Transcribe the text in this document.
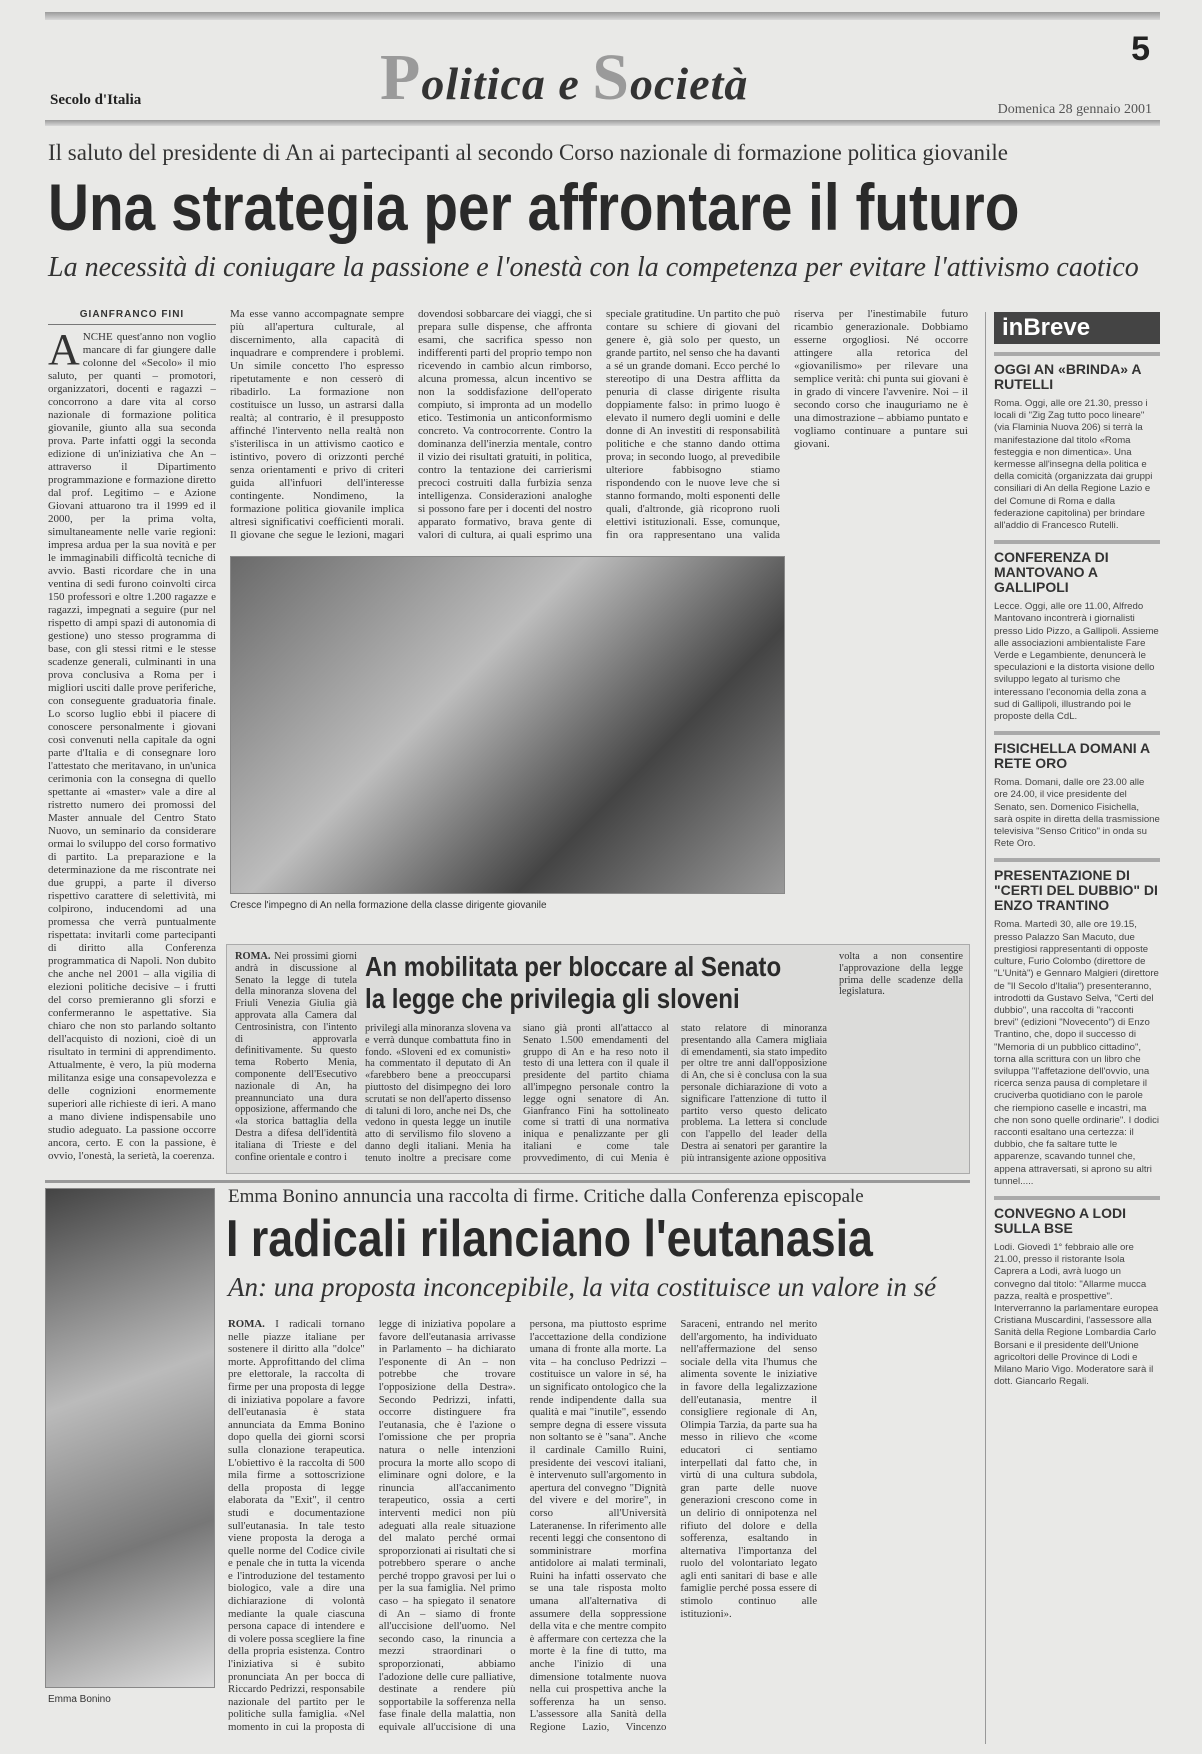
Politica e Società
5
Secolo d'Italia
Domenica 28 gennaio 2001
Il saluto del presidente di An ai partecipanti al secondo Corso nazionale di formazione politica giovanile
Una strategia per affrontare il futuro
La necessità di coniugare la passione e l'onestà con la competenza per evitare l'attivismo caotico
GIANFRANCO FINI
A NCHE quest'anno non voglio mancare di far giungere dalle colonne del «Secolo» il mio saluto, per quanti – promotori, organizzatori, docenti e ragazzi – concorrono a dare vita al corso nazionale di formazione politica giovanile, giunto alla sua seconda prova. Parte infatti oggi la seconda edizione di un'iniziativa che An – attraverso il Dipartimento programmazione e formazione diretto dal prof. Legitimo – e Azione Giovani attuarono tra il 1999 ed il 2000, per la prima volta, simultaneamente nelle varie regioni: impresa ardua per la sua novità e per le immaginabili difficoltà tecniche di avvio. Basti ricordare che in una ventina di sedi furono coinvolti circa 150 professori e oltre 1.200 ragazze e ragazzi, impegnati a seguire (pur nel rispetto di ampi spazi di autonomia di gestione) uno stesso programma di base, con gli stessi ritmi e le stesse scadenze generali, culminanti in una prova conclusiva a Roma per i migliori usciti dalle prove periferiche, con conseguente graduatoria finale. Lo scorso luglio ebbi il piacere di conoscere personalmente i giovani così convenuti nella capitale da ogni parte d'Italia e di consegnare loro l'attestato che meritavano, in un'unica cerimonia con la consegna di quello spettante ai «master» vale a dire al ristretto numero dei promossi del Master annuale del Centro Stato Nuovo, un seminario da considerare ormai lo sviluppo del corso formativo di partito. La preparazione e la determinazione da me riscontrate nei due gruppi, a parte il diverso rispettivo carattere di selettività, mi colpirono, inducendomi ad una promessa che verrà puntualmente rispettata: invitarli come partecipanti di diritto alla Conferenza programmatica di Napoli. Non dubito che anche nel 2001 – alla vigilia di elezioni politiche decisive – i frutti del corso premieranno gli sforzi e confermeranno le aspettative. Sia chiaro che non sto parlando soltanto dell'acquisto di nozioni, cioè di un risultato in termini di apprendimento. Attualmente, è vero, la più moderna militanza esige una consapevolezza e delle cognizioni enormemente superiori alle richieste di ieri. A mano a mano diviene indispensabile uno studio adeguato. La passione occorre ancora, certo. E con la passione, è ovvio, l'onestà, la serietà, la coerenza.
Ma esse vanno accompagnate sempre più all'apertura culturale, al discernimento, alla capacità di inquadrare e comprendere i problemi. Un simile concetto l'ho espresso ripetutamente e non cesserò di ribadirlo. La formazione non costituisce un lusso, un astrarsi dalla realtà; al contrario, è il presupposto affinché l'intervento nella realtà non s'isterilisca in un attivismo caotico e istintivo, povero di orizzonti perché senza orientamenti e privo di criteri guida all'infuori dell'interesse contingente. Nondimeno, la formazione politica giovanile implica altresì significativi coefficienti morali. Il giovane che segue le lezioni, magari dovendosi sobbarcare dei viaggi, che si prepara sulle dispense, che affronta esami, che sacrifica spesso non indifferenti parti del proprio tempo non ricevendo in cambio alcun rimborso, alcuna promessa, alcun incentivo se non la soddisfazione dell'operato compiuto, si impronta ad un modello etico. Testimonia un anticonformismo concreto. Va controcorrente. Contro la dominanza dell'inerzia mentale, contro il vizio dei risultati gratuiti, in politica, contro la tentazione dei carrierismi precoci costruiti dalla furbizia senza intelligenza. Considerazioni analoghe si possono fare per i docenti del nostro apparato formativo, brava gente di valori di cultura, ai quali esprimo una speciale gratitudine. Un partito che può contare su schiere di giovani del genere è, già solo per questo, un grande partito, nel senso che ha davanti a sé un grande domani. Ecco perché lo stereotipo di una Destra afflitta da penuria di classe dirigente risulta doppiamente falso: in primo luogo è elevato il numero degli uomini e delle donne di An investiti di responsabilità politiche e che stanno dando ottima prova; in secondo luogo, al prevedibile ulteriore fabbisogno stiamo rispondendo con le nuove leve che si stanno formando, molti esponenti delle quali, d'altronde, già ricoprono ruoli elettivi istituzionali. Esse, comunque, fin ora rappresentano una valida riserva per l'inestimabile futuro ricambio generazionale. Dobbiamo esserne orgogliosi. Né occorre attingere alla retorica del «giovanilismo» per rilevare una semplice verità: chi punta sui giovani è in grado di vincere l'avvenire. Noi – il secondo corso che inauguriamo ne è una dimostrazione – abbiamo puntato e vogliamo continuare a puntare sui giovani.
Cresce l'impegno di An nella formazione della classe dirigente giovanile
An mobilitata per bloccare al Senato
la legge che privilegia gli sloveni
ROMA. Nei prossimi giorni andrà in discussione al Senato la legge di tutela della minoranza slovena del Friuli Venezia Giulia già approvata alla Camera dal Centrosinistra, con l'intento di approvarla definitivamente. Su questo tema Roberto Menia, componente dell'Esecutivo nazionale di An, ha preannunciato una dura opposizione, affermando che «la storica battaglia della Destra a difesa dell'identità italiana di Trieste e del confine orientale e contro i
privilegi alla minoranza slovena va e verrà dunque combattuta fino in fondo. «Sloveni ed ex comunisti» ha commentato il deputato di An «farebbero bene a preoccuparsi piuttosto del disimpegno dei loro scrutati se non dell'aperto dissenso di taluni di loro, anche nei Ds, che vedono in questa legge un inutile atto di servilismo filo sloveno a danno degli italiani. Menia ha tenuto inoltre a precisare come siano già pronti all'attacco al Senato 1.500 emendamenti del gruppo di An e ha reso noto il testo di una lettera con il quale il presidente del partito chiama all'impegno personale contro la legge ogni senatore di An. Gianfranco Fini ha sottolineato come si tratti di una normativa iniqua e penalizzante per gli italiani e come tale provvedimento, di cui Menia è stato relatore di minoranza presentando alla Camera migliaia di emendamenti, sia stato impedito per oltre tre anni dall'opposizione di An, che si è conclusa con la sua personale dichiarazione di voto a significare l'attenzione di tutto il partito verso questo delicato problema. La lettera si conclude con l'appello del leader della Destra ai senatori per garantire la più intransigente azione oppositiva
volta a non consentire l'approvazione della legge prima delle scadenze della legislatura.
Emma Bonino
Emma Bonino annuncia una raccolta di firme. Critiche dalla Conferenza episcopale
I radicali rilanciano l'eutanasia
An: una proposta inconcepibile, la vita costituisce un valore in sé
ROMA. I radicali tornano nelle piazze italiane per sostenere il diritto alla "dolce" morte. Approfittando del clima pre elettorale, la raccolta di firme per una proposta di legge di iniziativa popolare a favore dell'eutanasia è stata annunciata da Emma Bonino dopo quella dei giorni scorsi sulla clonazione terapeutica. L'obiettivo è la raccolta di 500 mila firme a sottoscrizione della proposta di legge elaborata da "Exit", il centro studi e documentazione sull'eutanasia. In tale testo viene proposta la deroga a quelle norme del Codice civile e penale che in tutta la vicenda e l'introduzione del testamento biologico, vale a dire una dichiarazione di volontà mediante la quale ciascuna persona capace di intendere e di volere possa scegliere la fine della propria esistenza. Contro l'iniziativa si è subito pronunciata An per bocca di Riccardo Pedrizzi, responsabile nazionale del partito per le politiche sulla famiglia. «Nel momento in cui la proposta di legge di iniziativa popolare a favore dell'eutanasia arrivasse in Parlamento – ha dichiarato l'esponente di An – non potrebbe che trovare l'opposizione della Destra». Secondo Pedrizzi, infatti, occorre distinguere fra l'eutanasia, che è l'azione o l'omissione che per propria natura o nelle intenzioni procura la morte allo scopo di eliminare ogni dolore, e la rinuncia all'accanimento terapeutico, ossia a certi interventi medici non più adeguati alla reale situazione del malato perché ormai sproporzionati ai risultati che si potrebbero sperare o anche perché troppo gravosi per lui o per la sua famiglia. Nel primo caso – ha spiegato il senatore di An – siamo di fronte all'uccisione dell'uomo. Nel secondo caso, la rinuncia a mezzi straordinari o sproporzionati, abbiamo l'adozione delle cure palliative, destinate a rendere più sopportabile la sofferenza nella fase finale della malattia, non equivale all'uccisione di una persona, ma piuttosto esprime l'accettazione della condizione umana di fronte alla morte. La vita – ha concluso Pedrizzi – costituisce un valore in sé, ha un significato ontologico che la rende indipendente dalla sua qualità e mai "inutile", essendo sempre degna di essere vissuta non soltanto se è "sana". Anche il cardinale Camillo Ruini, presidente dei vescovi italiani, è intervenuto sull'argomento in apertura del convegno "Dignità del vivere e del morire", in corso all'Università Lateranense. In riferimento alle recenti leggi che consentono di somministrare morfina antidolore ai malati terminali, Ruini ha infatti osservato che se una tale risposta molto umana all'alternativa di assumere della soppressione della vita e che mentre compito è affermare con certezza che la morte è la fine di tutto, ma anche l'inizio di una dimensione totalmente nuova nella cui prospettiva anche la sofferenza ha un senso. L'assessore alla Sanità della Regione Lazio, Vincenzo Saraceni, entrando nel merito dell'argomento, ha individuato nell'affermazione del senso sociale della vita l'humus che alimenta sovente le iniziative in favore della legalizzazione dell'eutanasia, mentre il consigliere regionale di An, Olimpia Tarzia, da parte sua ha messo in rilievo che «come educatori ci sentiamo interpellati dal fatto che, in virtù di una cultura subdola, gran parte delle nuove generazioni crescono come in un delirio di onnipotenza nel rifiuto del dolore e della sofferenza, esaltando in alternativa l'importanza del ruolo del volontariato legato agli enti sanitari di base e alle famiglie perché possa essere di stimolo continuo alle istituzioni».
inBreve
OGGI AN «BRINDA» A RUTELLI

Roma. Oggi, alle ore 21.30, presso i locali di "Zig Zag tutto poco lineare" (via Flaminia Nuova 206) si terrà la manifestazione dal titolo «Roma festeggia e non dimentica». Una kermesse all'insegna della politica e della comicità (organizzata dai gruppi consiliari di An della Regione Lazio e del Comune di Roma e dalla federazione capitolina) per brindare all'addio di Francesco Rutelli.

CONFERENZA DI MANTOVANO A GALLIPOLI

Lecce. Oggi, alle ore 11.00, Alfredo Mantovano incontrerà i giornalisti presso Lido Pizzo, a Gallipoli. Assieme alle associazioni ambientaliste Fare Verde e Legambiente, denuncerà le speculazioni e la distorta visione dello sviluppo legato al turismo che interessano l'economia della zona a sud di Gallipoli, illustrando poi le proposte della CdL.

FISICHELLA DOMANI A RETE ORO

Roma. Domani, dalle ore 23.00 alle ore 24.00, il vice presidente del Senato, sen. Domenico Fisichella, sarà ospite in diretta della trasmissione televisiva "Senso Critico" in onda su Rete Oro.

PRESENTAZIONE DI "CERTI DEL DUBBIO" DI ENZO TRANTINO

Roma. Martedì 30, alle ore 19.15, presso Palazzo San Macuto, due prestigiosi rappresentanti di opposte culture, Furio Colombo (direttore de "L'Unità") e Gennaro Malgieri (direttore de "Il Secolo d'Italia") presenteranno, introdotti da Gustavo Selva, "Certi del dubbio", una raccolta di "racconti brevi" (edizioni "Novecento") di Enzo Trantino, che, dopo il successo di "Memoria di un pubblico cittadino", torna alla scrittura con un libro che sviluppa "l'affetazione dell'ovvio, una ricerca senza pausa di completare il cruciverba quotidiano con le parole che riempiono caselle e incastri, ma che non sono quelle ordinarie". I dodici racconti esaltano una certezza: il dubbio, che fa saltare tutte le apparenze, scavando tunnel che, appena attraversati, si aprono su altri tunnel.....

CONVEGNO A LODI SULLA BSE

Lodi. Giovedì 1° febbraio alle ore 21.00, presso il ristorante Isola Caprera a Lodi, avrà luogo un convegno dal titolo: "Allarme mucca pazza, realtà e prospettive". Interverranno la parlamentare europea Cristiana Muscardini, l'assessore alla Sanità della Regione Lombardia Carlo Borsani e il presidente dell'Unione agricoltori delle Province di Lodi e Milano Mario Vigo. Moderatore sarà il dott. Giancarlo Regali.
